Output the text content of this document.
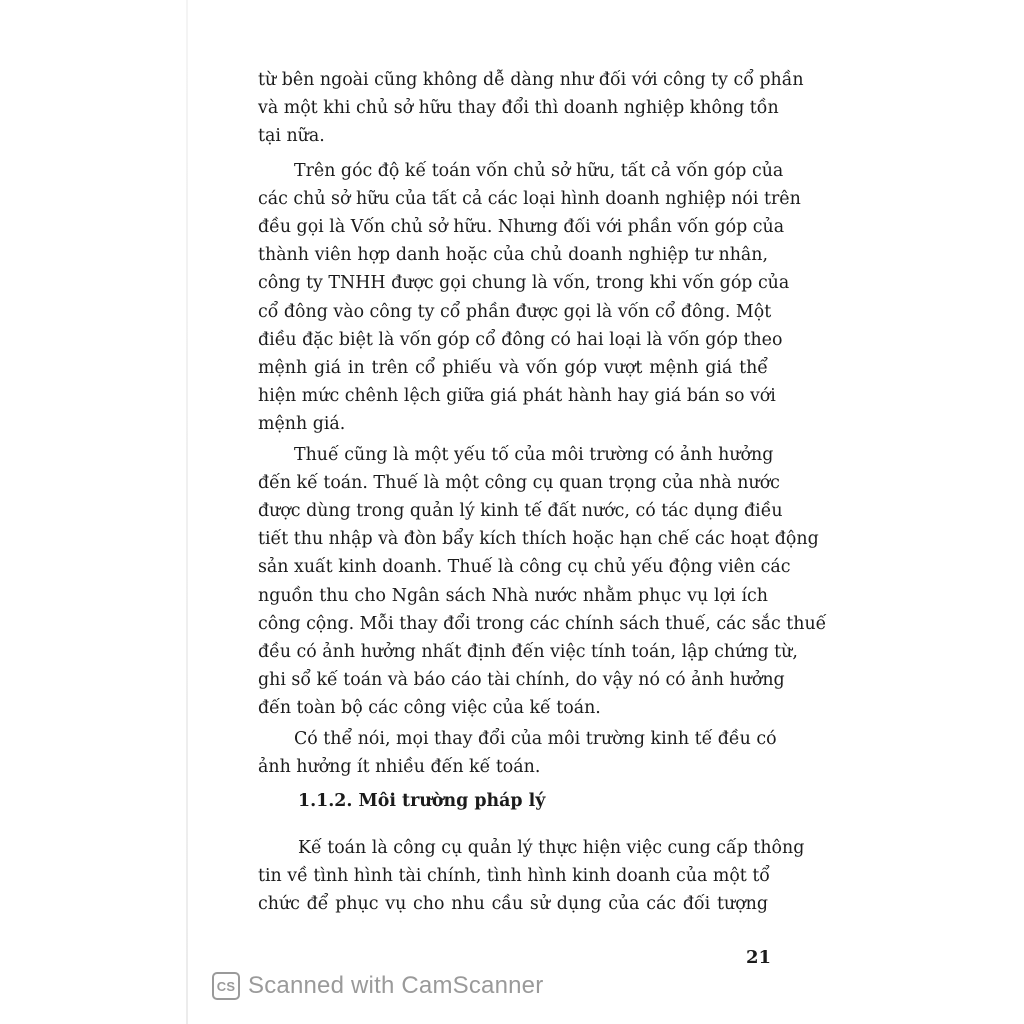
từ bên ngoài cũng không dễ dàng như đối với công ty cổ phần
và một khi chủ sở hữu thay đổi thì doanh nghiệp không tồn
tại nữa.

Trên góc độ kế toán vốn chủ sở hữu, tất cả vốn góp của
các chủ sở hữu của tất cả các loại hình doanh nghiệp nói trên
đều gọi là Vốn chủ sở hữu. Nhưng đối với phần vốn góp của
thành viên hợp danh hoặc của chủ doanh nghiệp tư nhân,
công ty TNHH được gọi chung là vốn, trong khi vốn góp của
cổ đông vào công ty cổ phần được gọi là vốn cổ đông. Một
điều đặc biệt là vốn góp cổ đông có hai loại là vốn góp theo
mệnh giá in trên cổ phiếu và vốn góp vượt mệnh giá thể
hiện mức chênh lệch giữa giá phát hành hay giá bán so với
mệnh giá.

Thuế cũng là một yếu tố của môi trường có ảnh hưởng
đến kế toán. Thuế là một công cụ quan trọng của nhà nước
được dùng trong quản lý kinh tế đất nước, có tác dụng điều
tiết thu nhập và đòn bẩy kích thích hoặc hạn chế các hoạt động
sản xuất kinh doanh. Thuế là công cụ chủ yếu động viên các
nguồn thu cho Ngân sách Nhà nước nhằm phục vụ lợi ích
công cộng. Mỗi thay đổi trong các chính sách thuế, các sắc thuế
đều có ảnh hưởng nhất định đến việc tính toán, lập chứng từ,
ghi sổ kế toán và báo cáo tài chính, do vậy nó có ảnh hưởng
đến toàn bộ các công việc của kế toán.

Có thể nói, mọi thay đổi của môi trường kinh tế đều có
ảnh hưởng ít nhiều đến kế toán.

1.1.2. Môi trường pháp lý
Kế toán là công cụ quản lý thực hiện việc cung cấp thông
tin về tình hình tài chính, tình hình kinh doanh của một tổ
chức để phục vụ cho nhu cầu sử dụng của các đối tượng
21
CS Scanned with CamScanner
